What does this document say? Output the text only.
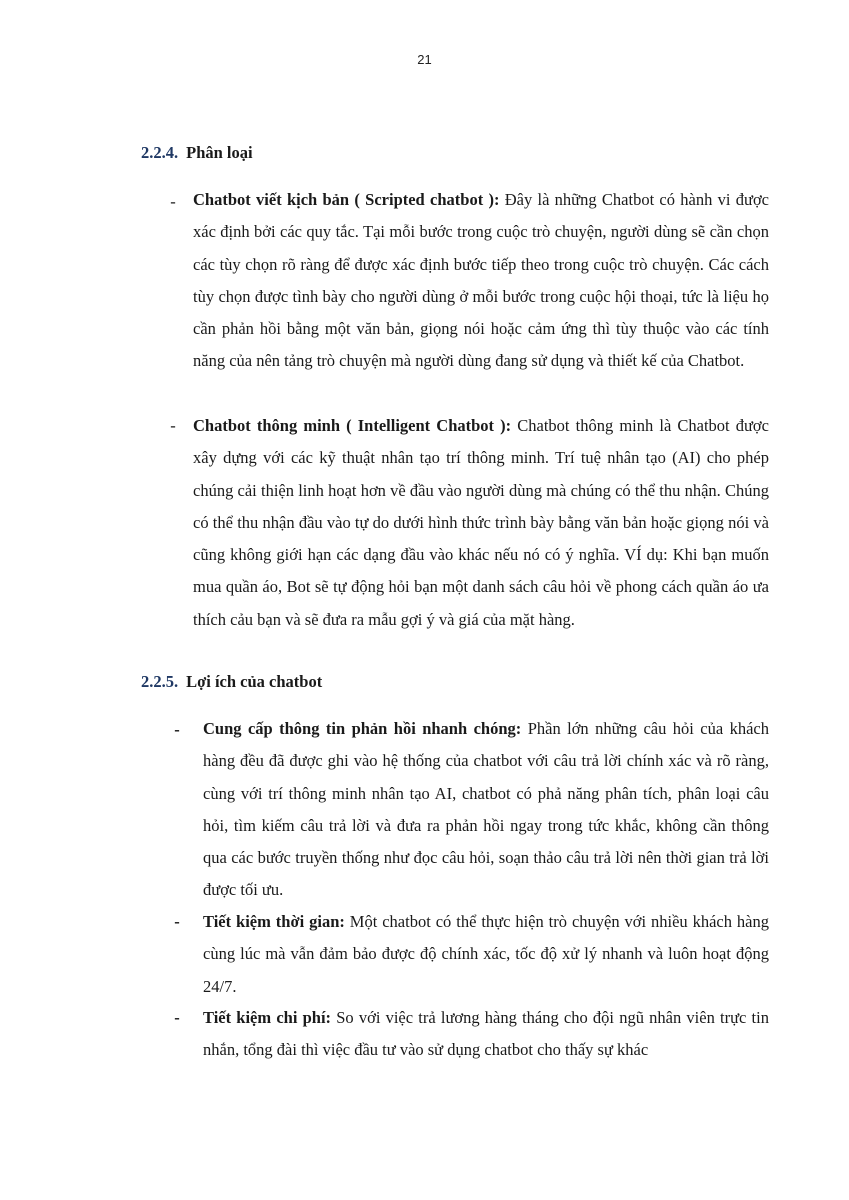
21
2.2.4. Phân loại
-	Chatbot viết kịch bản ( Scripted chatbot ): Đây là những Chatbot có hành vi được xác định bởi các quy tắc. Tại mỗi bước trong cuộc trò chuyện, người dùng sẽ cần chọn các tùy chọn rõ ràng để được xác định bước tiếp theo trong cuộc trò chuyện. Các cách tùy chọn được tình bày cho người dùng ở mỗi bước trong cuộc hội thoại, tức là liệu họ cần phản hồi bằng một văn bản, giọng nói hoặc cảm ứng thì tùy thuộc vào các tính năng của nên tảng trò chuyện mà người dùng đang sử dụng và thiết kế của Chatbot.

-	Chatbot thông minh ( Intelligent Chatbot ): Chatbot thông minh là Chatbot được xây dựng với các kỹ thuật nhân tạo trí thông minh. Trí tuệ nhân tạo (AI) cho phép chúng cải thiện linh hoạt hơn về đầu vào người dùng mà chúng có thể thu nhận. Chúng có thể thu nhận đầu vào tự do dưới hình thức trình bày bằng văn bản hoặc giọng nói và cũng không giới hạn các dạng đầu vào khác nếu nó có ý nghĩa. VÍ dụ: Khi bạn muốn mua quần áo, Bot sẽ tự động hỏi bạn một danh sách câu hỏi về phong cách quần áo ưa thích cảu bạn và sẽ đưa ra mẫu gợi ý và giá của mặt hàng.

2.2.5. Lợi ích của chatbot
-	Cung cấp thông tin phản hồi nhanh chóng: Phần lớn những câu hỏi của khách hàng đều đã được ghi vào hệ thống của chatbot với câu trả lời chính xác và rõ ràng, cùng với trí thông minh nhân tạo AI, chatbot có phả năng phân tích, phân loại câu hỏi, tìm kiếm câu trả lời và đưa ra phản hồi ngay trong tức khắc, không cần thông qua các bước truyền thống như đọc câu hỏi, soạn thảo câu trả lời nên thời gian trả lời được tối ưu.

-	Tiết kiệm thời gian: Một chatbot có thể thực hiện trò chuyện với nhiều khách hàng cùng lúc mà vẫn đảm bảo được độ chính xác, tốc độ xử lý nhanh và luôn hoạt động 24/7.

-	Tiết kiệm chi phí: So với việc trả lương hàng tháng cho đội ngũ nhân viên trực tin nhắn, tổng đài thì việc đầu tư vào sử dụng chatbot cho thấy sự khác
